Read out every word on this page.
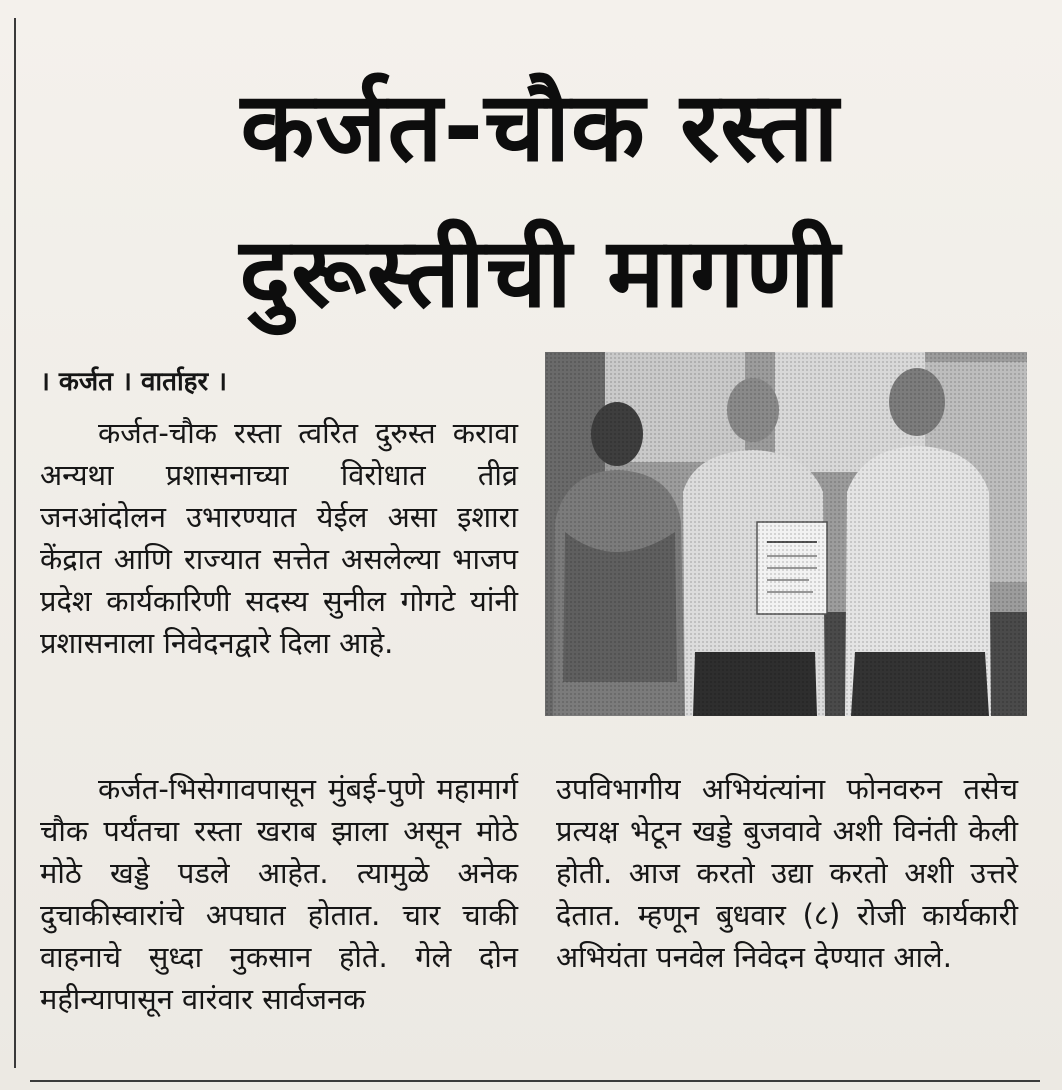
कर्जत-चौक रस्ता
दुरूस्तीची मागणी
। कर्जत । वार्ताहर ।

कर्जत-चौक रस्ता त्वरित दुरुस्त करावा अन्यथा प्रशासनाच्या विरोधात तीव्र जनआंदोलन उभारण्यात येईल असा इशारा केंद्रात आणि राज्यात सत्तेत असलेल्या भाजप प्रदेश कार्यकारिणी सदस्य सुनील गोगटे यांनी प्रशासनाला निवेदनद्वारे दिला आहे.

कर्जत-भिसेगावपासून मुंबई-पुणे महामार्ग चौक पर्यंतचा रस्ता खराब झाला असून मोठे मोठे खड्डे पडले आहेत. त्यामुळे अनेक दुचाकीस्वारांचे अपघात होतात. चार चाकी वाहनाचे सुध्दा नुकसान होते. गेले दोन महीन्यापासून वारंवार सार्वजनक

उपविभागीय अभियंत्यांना फोनवरुन तसेच प्रत्यक्ष भेटून खड्डे बुजवावे अशी विनंती केली होती. आज करतो उद्या करतो अशी उत्तरे देतात. म्हणून बुधवार (८) रोजी कार्यकारी अभियंता पनवेल निवेदन देण्यात आले.
